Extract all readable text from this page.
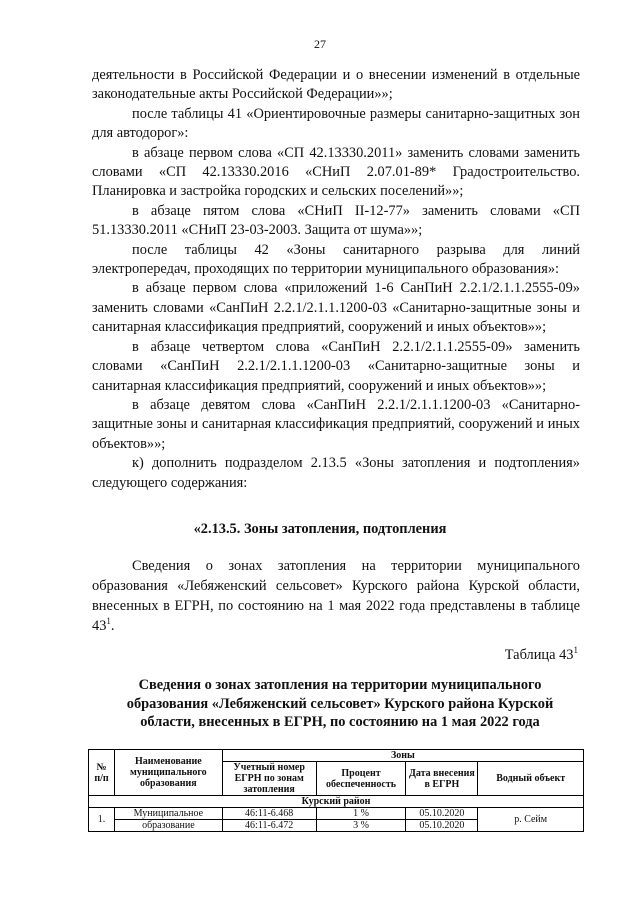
27

деятельности в Российской Федерации и о внесении изменений в отдельные законодательные акты Российской Федерации»»;

после таблицы 41 «Ориентировочные размеры санитарно-защитных зон для автодорог»:

в абзаце первом слова «СП 42.13330.2011» заменить словами заменить словами «СП 42.13330.2016 «СНиП 2.07.01-89* Градостроительство. Планировка и застройка городских и сельских поселений»»;

в абзаце пятом слова «СНиП II-12-77» заменить словами «СП 51.13330.2011 «СНиП 23-03-2003. Защита от шума»»;

после таблицы 42 «Зоны санитарного разрыва для линий электропередач, проходящих по территории муниципального образования»:

в абзаце первом слова «приложений 1-6 СанПиН 2.2.1/2.1.1.2555-09» заменить словами «СанПиН 2.2.1/2.1.1.1200-03 «Санитарно-защитные зоны и санитарная классификация предприятий, сооружений и иных объектов»»;

в абзаце четвертом слова «СанПиН 2.2.1/2.1.1.2555-09» заменить словами «СанПиН 2.2.1/2.1.1.1200-03 «Санитарно-защитные зоны и санитарная классификация предприятий, сооружений и иных объектов»»;

в абзаце девятом слова «СанПиН 2.2.1/2.1.1.1200-03 «Санитарно-защитные зоны и санитарная классификация предприятий, сооружений и иных объектов»»;

к) дополнить подразделом 2.13.5 «Зоны затопления и подтопления» следующего содержания:

«2.13.5. Зоны затопления, подтопления
Сведения о зонах затопления на территории муниципального образования «Лебяженский сельсовет» Курского района Курской области, внесенных в ЕГРН, по состоянию на 1 мая 2022 года представлены в таблице $43^1$.
Таблица $43^1$
Сведения о зонах затопления на территории муниципального образования «Лебяженский сельсовет» Курского района Курской области, внесенных в ЕГРН, по состоянию на 1 мая 2022 года
№ п/п	Наименование муниципального образования	Зоны			
		Учетный номер ЕГРН по зонам затопления	Процент обеспеченность	Дата внесения в ЕГРН	Водный объект
Курский район					
1.	Муниципальное	46:11-6.468	1 %	05.10.2020	р. Сейм
	образование	46:11-6.472	3 %	05.10.2020	
